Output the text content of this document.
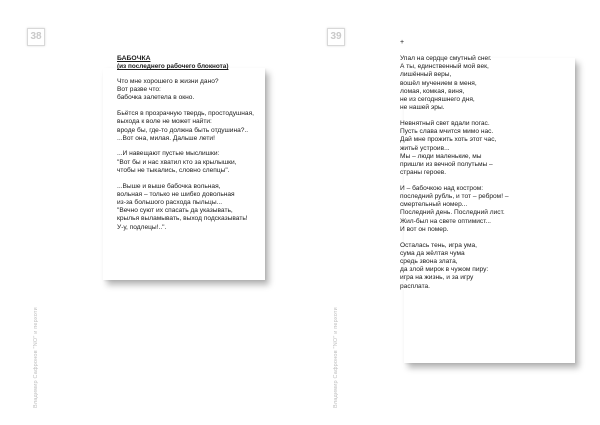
38
Владимир Сафронов "NO" и перхоти
БАБОЧКА
(из последнего рабочего блокнота)
Что мне хорошего в жизни дано?
Вот разве что:
бабочка залетела в окно.
Бьётся в прозрачную твердь, простодушная,
выхода к воле не может найти:
вроде бы, где-то должна быть отдушина?..
...Вот она, милая. Дальше лети!
...И навещают пустые мыслишки:
"Вот бы и нас хватил кто за крылышки,
чтобы не тыкались, словно слепцы".
...Выше и выше бабочка вольная,
вольная – только не шибко довольная
из-за большого расхода пыльцы...
"Вечно суют их спасать да указывать,
крылья выламывать, выход подсказывать!
У-у, подлецы!..".
39
Владимир Сафронов "NO" и перхоти
+
Упал на сердце смутный снег.
А ты, единственный мой век,
лишённый веры,
вошёл мучением в меня,
ломая, комкая, виня,
не из сегодняшнего дня,
не нашей эры.
Невнятный свет вдали погас.
Пусть слава мчится мимо нас.
Дай мне прожить хоть этот час,
житьё устроив...
Мы – люди маленькие, мы
пришли из вечной полутьмы –
страны героев.
И – бабочкою над костром:
последний рубль, и тот – ребром! –
смертельный номер...
Последний день. Последний лист.
Жил-был на свете оптимист...
И вот он помер.
Осталась тень, игра ума,
сума да жёлтая чума
средь звона злата,
да злой мирок в чужом пиру:
игра на жизнь, и за игру
расплата.
